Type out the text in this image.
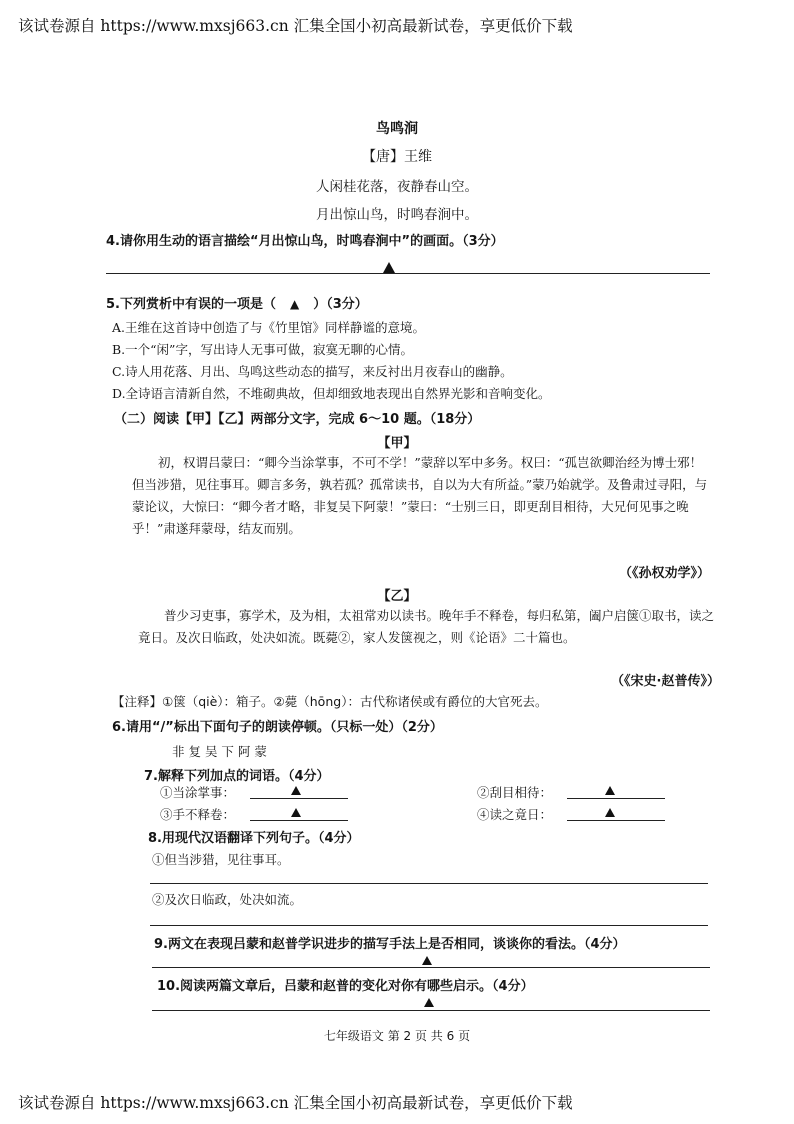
该试卷源自 https://www.mxsj663.cn 汇集全国小初高最新试卷，享更低价下载
鸟鸣涧
【唐】王维
人闲桂花落，夜静春山空。
月出惊山鸟，时鸣春涧中。
4.请你用生动的语言描绘“月出惊山鸟，时鸣春涧中”的画面。（3分）
5.下列赏析中有误的一项是（ ▲ ）（3分）
A.王维在这首诗中创造了与《竹里馆》同样静谧的意境。
B.一个“闲”字，写出诗人无事可做，寂寞无聊的心情。
C.诗人用花落、月出、鸟鸣这些动态的描写，来反衬出月夜春山的幽静。
D.全诗语言清新自然，不堆砌典故，但却细致地表现出自然界光影和音响变化。
（二）阅读【甲】【乙】两部分文字，完成 6～10 题。（18分）
【甲】
初，权谓吕蒙曰：“卿今当涂掌事，不可不学！”蒙辞以军中多务。权曰：“孤岂欲卿治经为博士邪！但当涉猎，见往事耳。卿言多务，孰若孤？孤常读书，自以为大有所益。”蒙乃始就学。及鲁肃过寻阳，与蒙论议，大惊曰：“卿今者才略，非复吴下阿蒙！”蒙曰：“士别三日，即更刮目相待，大兄何见事之晚乎！”肃遂拜蒙母，结友而别。
（《孙权劝学》）
【乙】
普少习吏事，寡学术，及为相，太祖常劝以读书。晚年手不释卷，每归私第，阖户启箧①取书，读之竟日。及次日临政，处决如流。既薨②，家人发箧视之，则《论语》二十篇也。
（《宋史·赵普传》）
【注释】①箧（qiè）：箱子。②薨（hōng）：古代称诸侯或有爵位的大官死去。
6.请用“/”标出下面句子的朗读停顿。（只标一处）（2分）
非 复 吴 下 阿 蒙
7.解释下列加点的词语。（4分）
①当涂掌事：	②刮目相待：
③手不释卷：	④读之竟日：
8.用现代汉语翻译下列句子。（4分）
①但当涉猎，见往事耳。
②及次日临政，处决如流。
9.两文在表现吕蒙和赵普学识进步的描写手法上是否相同，谈谈你的看法。（4分）
10.阅读两篇文章后，吕蒙和赵普的变化对你有哪些启示。（4分）
七年级语文 第 2 页 共 6 页
该试卷源自 https://www.mxsj663.cn 汇集全国小初高最新试卷，享更低价下载
